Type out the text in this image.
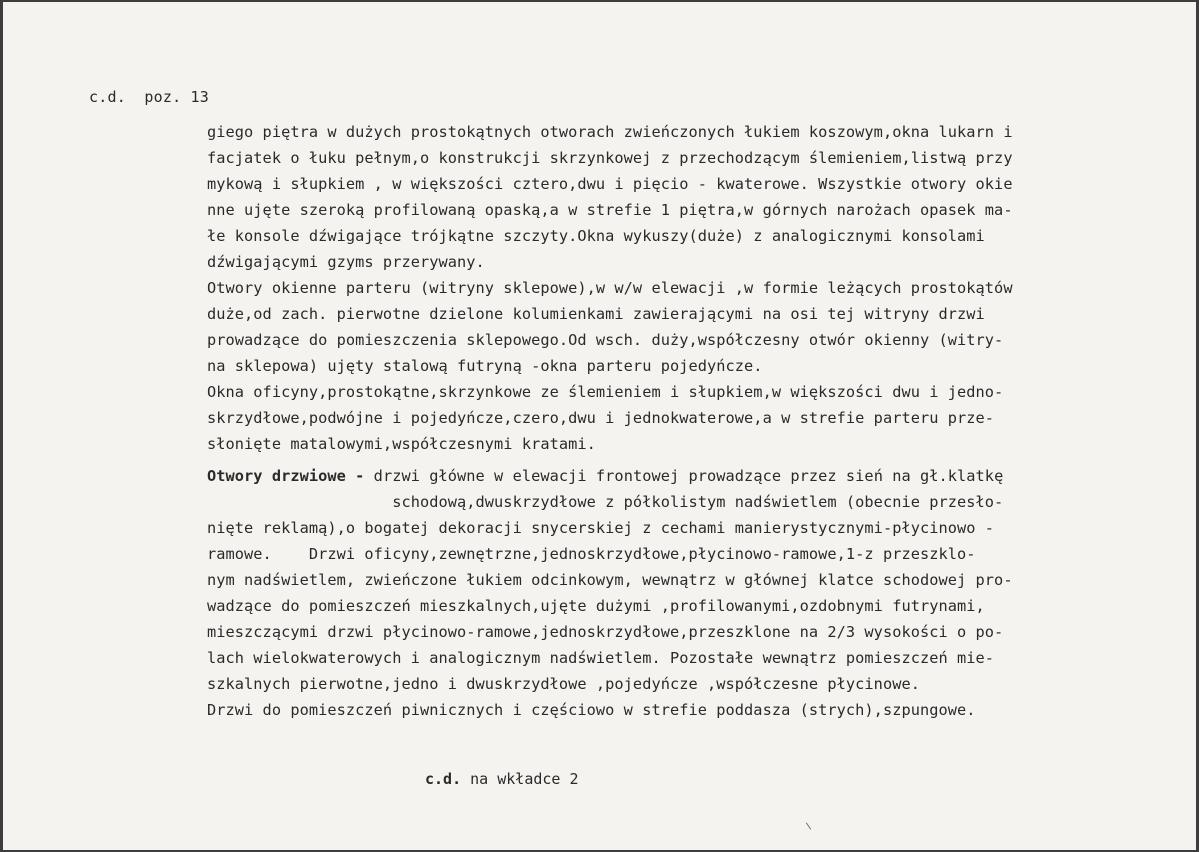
c.d.  poz. 13
giego piętra w dużych prostokątnych otworach zwieńczonych łukiem koszowym,okna lukarn i
facjatek o łuku pełnym,o konstrukcji skrzynkowej z przechodzącym ślemieniem,listwą przy
mykową i słupkiem , w większości cztero,dwu i pięcio - kwaterowe. Wszystkie otwory okie
nne ujęte szeroką profilowaną opaską,a w strefie 1 piętra,w górnych narożach opasek ma-
łe konsole dźwigające trójkątne szczyty.Okna wykuszy(duże) z analogicznymi konsolami
dźwigającymi gzyms przerywany.
Otwory okienne parteru (witryny sklepowe),w w/w elewacji ,w formie leżących prostokątów
duże,od zach. pierwotne dzielone kolumienkami zawierającymi na osi tej witryny drzwi
prowadzące do pomieszczenia sklepowego.Od wsch. duży,współczesny otwór okienny (witry-
na sklepowa) ujęty stalową futryną -okna parteru pojedyńcze.
Okna oficyny,prostokątne,skrzynkowe ze ślemieniem i słupkiem,w większości dwu i jedno-
skrzydłowe,podwójne i pojedyńcze,czero,dwu i jednokwaterowe,a w strefie parteru prze-
słonięte matalowymi,współczesnymi kratami.
Otwory drzwiowe - drzwi główne w elewacji frontowej prowadzące przez sień na gł.klatkę
schodową,dwuskrzydłowe z półkolistym nadświetlem (obecnie przesło-
nięte reklamą),o bogatej dekoracji snycerskiej z cechami manierystycznymi-płycinowo -
ramowe.    Drzwi oficyny,zewnętrzne,jednoskrzydłowe,płycinowo-ramowe,1-z przeszklo-
nym nadświetlem, zwieńczone łukiem odcinkowym, wewnątrz w głównej klatce schodowej pro-
wadzące do pomieszczeń mieszkalnych,ujęte dużymi ,profilowanymi,ozdobnymi futrynami,
mieszczącymi drzwi płycinowo-ramowe,jednoskrzydłowe,przeszklone na 2/3 wysokości o po-
lach wielokwaterowych i analogicznym nadświetlem. Pozostałe wewnątrz pomieszczeń mie-
szkalnych pierwotne,jedno i dwuskrzydłowe ,pojedyńcze ,współczesne płycinowe.
Drzwi do pomieszczeń piwnicznych i częściowo w strefie poddasza (strych),szpungowe.
c.d. na wkładce 2
